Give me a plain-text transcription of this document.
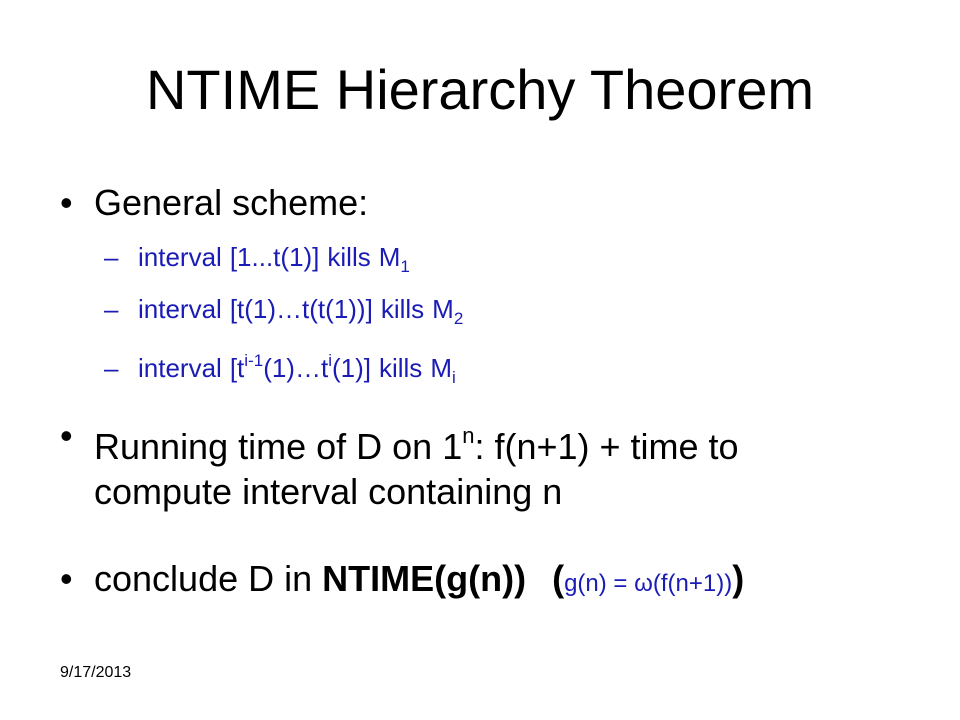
NTIME Hierarchy Theorem
• General scheme:
– interval [1...t(1)] kills $M_1$
– interval [t(1)…t(t(1))] kills $M_2$
– interval $[t^{i-1}(1)\dots t^i(1)]$ kills $M_i$
• Running time of D on 1$^n$: f(n+1) + time to
compute interval containing n
• conclude D in NTIME(g(n)) (g(n) = ω(f(n+1)))
9/17/2013
